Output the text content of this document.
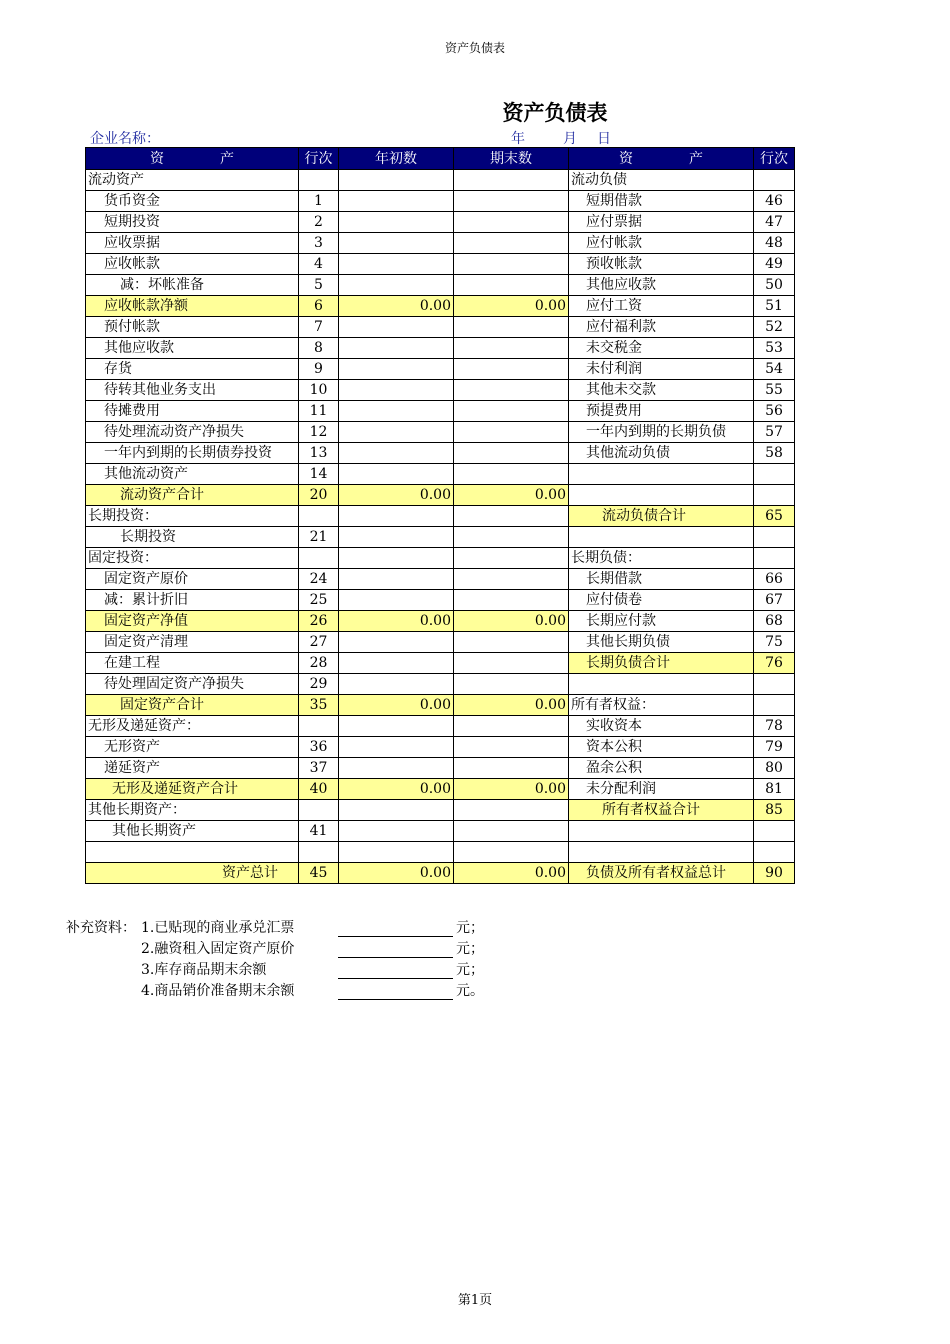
资产负债表
资产负债表
企业名称：	年	月 日
资　　　　产	行次	年初数	期末数	资　　　　产	行次
流动资产				流动负债	
货币资金	1			短期借款	46
短期投资	2			应付票据	47
应收票据	3			应付帐款	48
应收帐款	4			预收帐款	49
减：坏帐准备	5			其他应收款	50
应收帐款净额	6	0.00	0.00	应付工资	51
预付帐款	7			应付福利款	52
其他应收款	8			未交税金	53
存货	9			未付利润	54
待转其他业务支出	10			其他未交款	55
待摊费用	11			预提费用	56
待处理流动资产净损失	12			一年内到期的长期负债	57
一年内到期的长期债券投资	13			其他流动负债	58
其他流动资产	14				
流动资产合计	20	0.00	0.00		
长期投资：				流动负债合计	65
长期投资	21				
固定投资：				长期负债：	
固定资产原价	24			长期借款	66
减：累计折旧	25			应付债卷	67
固定资产净值	26	0.00	0.00	长期应付款	68
固定资产清理	27			其他长期负债	75
在建工程	28			长期负债合计	76
待处理固定资产净损失	29				
固定资产合计	35	0.00	0.00	所有者权益：	
无形及递延资产：				实收资本	78
无形资产	36			资本公积	79
递延资产	37			盈余公积	80
无形及递延资产合计	40	0.00	0.00	未分配利润	81
其他长期资产：				所有者权益合计	85
其他长期资产	41				

资产总计	45	0.00	0.00	负债及所有者权益总计	90
补充资料： 1.已贴现的商业承兑汇票	元；
2.融资租入固定资产原价	元；
3.库存商品期末余额	元；
4.商品销价准备期末余额	元。
第1页
